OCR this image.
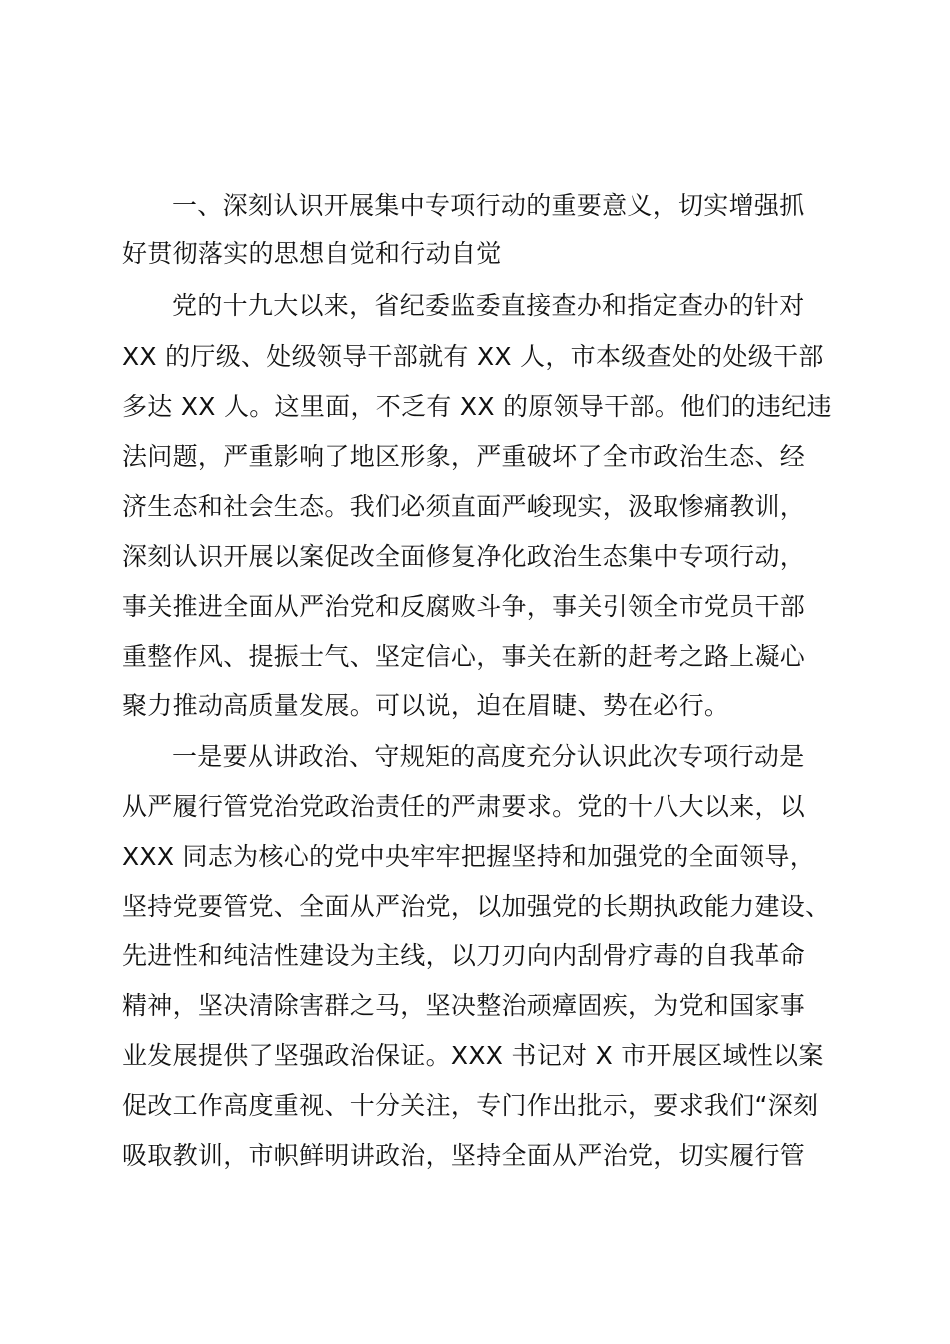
一、深刻认识开展集中专项行动的重要意义，切实增强抓
好贯彻落实的思想自觉和行动自觉
党的十九大以来，省纪委监委直接查办和指定查办的针对
XX 的厅级、处级领导干部就有 XX 人，市本级查处的处级干部
多达 XX 人。这里面，不乏有 XX 的原领导干部。他们的违纪违
法问题，严重影响了地区形象，严重破坏了全市政治生态、经
济生态和社会生态。我们必须直面严峻现实，汲取惨痛教训，
深刻认识开展以案促改全面修复净化政治生态集中专项行动，
事关推进全面从严治党和反腐败斗争，事关引领全市党员干部
重整作风、提振士气、坚定信心，事关在新的赶考之路上凝心
聚力推动高质量发展。可以说，迫在眉睫、势在必行。
一是要从讲政治、守规矩的高度充分认识此次专项行动是
从严履行管党治党政治责任的严肃要求。党的十八大以来，以
XXX 同志为核心的党中央牢牢把握坚持和加强党的全面领导，
坚持党要管党、全面从严治党，以加强党的长期执政能力建设、
先进性和纯洁性建设为主线，以刀刃向内刮骨疗毒的自我革命
精神，坚决清除害群之马，坚决整治顽瘴固疾，为党和国家事
业发展提供了坚强政治保证。XXX 书记对 X 市开展区域性以案
促改工作高度重视、十分关注，专门作出批示，要求我们“深刻
吸取教训，市帜鲜明讲政治，坚持全面从严治党，切实履行管
